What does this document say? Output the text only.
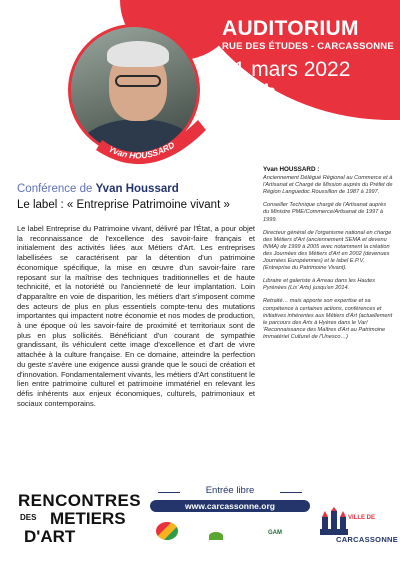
AUDITORIUM
RUE DES ÉTUDES - CARCASSONNE
31 mars 2022
>19 h
Yvan HOUSSARD
Conférence de Yvan Houssard
Le label : « Entreprise Patrimoine vivant »
Le label Entreprise du Patrimoine vivant, délivré par l'État, a pour objet la reconnaissance de l'excellence des savoir-faire français et initialement des activités liées aux Métiers d'Art. Les entreprises labellisées se caractérisent par la détention d'un patrimoine économique spécifique, la mise en œuvre d'un savoir-faire rare reposant sur la maîtrise des techniques traditionnelles et de haute technicité, et la notoriété ou l'ancienneté de leur implantation. Loin d'apparaître en voie de disparition, les métiers d'art s'imposent comme des acteurs de plus en plus essentiels compte-tenu des mutations importantes qui impactent notre économie et nos modes de production, à une époque où les savoir-faire de proximité et territoriaux sont de plus en plus sollicités. Bénéficiant d'un courant de sympathie grandissant, ils véhiculent cette image d'excellence et d'art de vivre attachée à la culture française. En ce domaine, atteindre la perfection du geste s'avère une exigence aussi grande que le souci de création et d'innovation. Fondamentalement vivants, les métiers d'Art constituent le lien entre patrimoine culturel et patrimoine immatériel en relevant les défis inhérents aux enjeux économiques, culturels, patrimoniaux et sociaux contemporains.
Yvan HOUSSARD :

Anciennement Délégué Régional au Commerce et à l'Artisanat et Chargé de Mission auprès du Préfet de Région Languedoc Roussillon de 1987 à 1997.

Conseiller Technique chargé de l'Artisanat auprès du Ministre PME/Commerce/Artisanat de 1997 à 1999.

Directeur général de l'organisme national en charge des Métiers d'Art (anciennement SEMA et devenu INMA) de 1999 à 2005 avec notamment la création des Journées des Métiers d'Art en 2002 (devenues Journées Européennes) et le label E.P.V. (Entreprise du Patrimoine Vivant).

Libraire et galeriste à Arreau dans les Hautes Pyrénées (Lis' Arts) jusqu'en 2014.

Retraité… mais apporte son expertise et sa compétence à certaines actions, conférences et initiatives inhérentes aux Métiers d'Art (actuellement le parcours des Arts à Hyères dans le Var/ 'Reconnaissance des Maîtres d'Art au Patrimoine Immatériel Culturel de l'Unesco…)

RENCONTRES
DES METIERS
D'ART
Entrée libre
www.carcassonne.org
GAM
VILLE DE
CARCASSONNE
